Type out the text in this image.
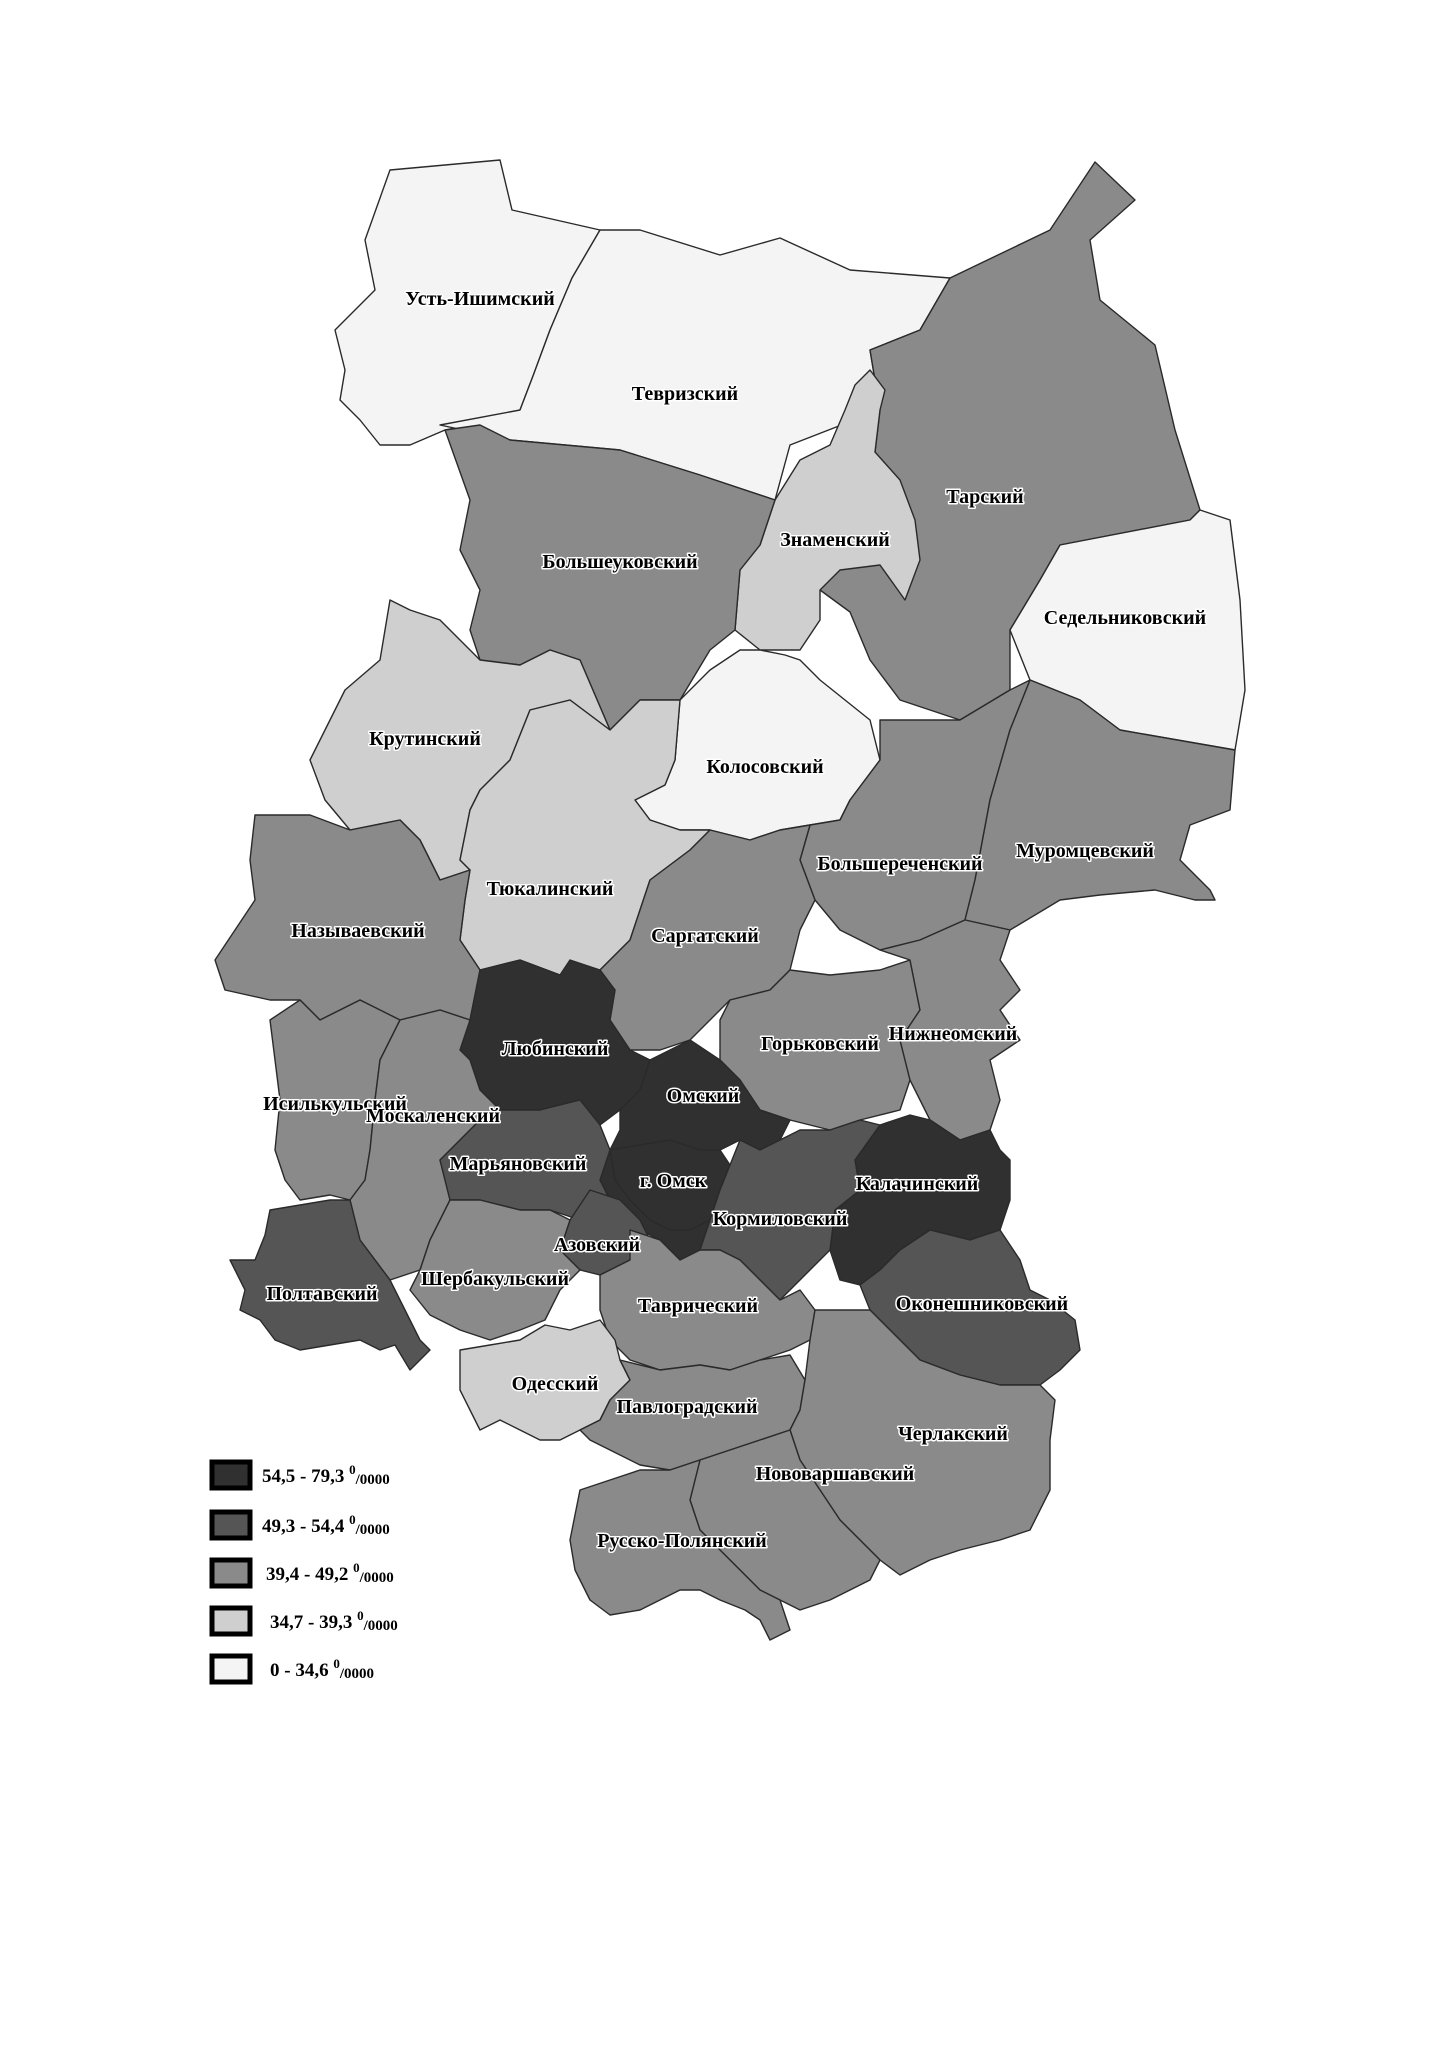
Усть-Ишимский
Тевризский
Тарский
Знаменский
Большеуковский
Седельниковский
Крутинский
Колосовский
Тюкалинский
Большереченский
Муромцевский
Называевский	Саргатский
Любинский	Горьковский Нижнеомский
Омский
Исилькульский
Москаленский
Марьяновский
г. Омск	Калачинский
Кормиловский
Азовский
Шербакульский
Полтавский
Таврический	Оконешниковский
Одесский
Павлоградский
Черлакский
Нововаршавский
Русско-Полянский
54,5 - 79,3 $^0_{/0000}$
49,3 - 54,4 $^0_{/0000}$
39,4 - 49,2 $^0_{/0000}$
34,7 - 39,3 $^0_{/0000}$
0 - 34,6 $^0_{/0000}$
